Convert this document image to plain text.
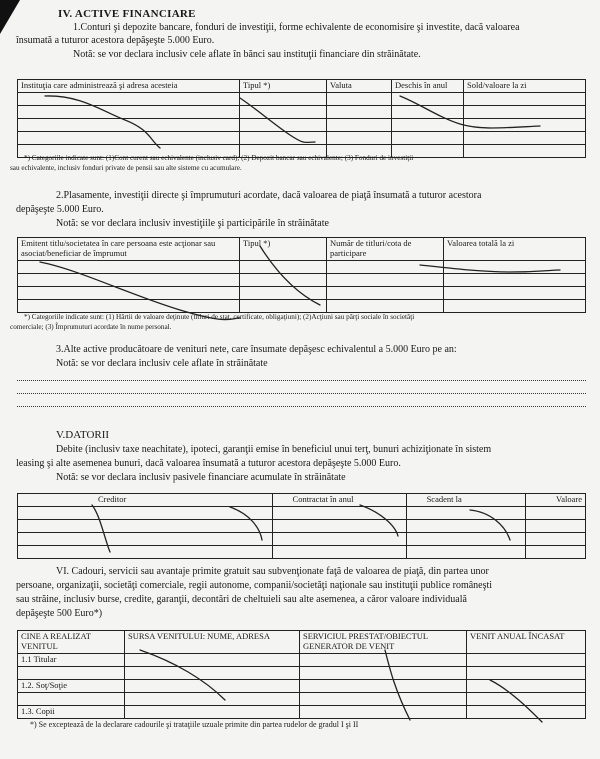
IV. ACTIVE FINANCIARE
1.Conturi şi depozite bancare, fonduri de investiţii, forme echivalente de economisire şi investite, dacă valoarea
însumată a tuturor acestora depăşeşte 5.000 Euro.
Notă: se vor declara inclusiv cele aflate în bănci sau instituţii financiare din străinătate.
Instituţia care administrează şi adresa acesteia	Tipul *)	Valuta	Deschis în anul	Sold/valoare la zi

*) Categoriile indicate sunt: (1)Cont curent sau echivalente (inclusiv card); (2) Depozit bancar sau echivalente; (3) Fonduri de investiţii
sau echivalente, inclusiv fonduri private de pensii sau alte sisteme cu acumulare.
2.Plasamente, investiţii directe şi împrumuturi acordate, dacă valoarea de piaţă însumată a tuturor acestora
depăşeşte 5.000 Euro.
Notă: se vor declara inclusiv investiţiile şi participările în străinătate
Emitent titlu/societatea în care persoana este acţionar sau asociat/beneficiar de împrumut	Tipul *)	Număr de titluri/cota de participare	Valoarea totală la zi

*) Categoriile indicate sunt: (1) Hârtii de valoare deţinute (titluri de stat, certificate, obligaţiuni); (2)Acţiuni sau părţi sociale în societăţi
comerciale; (3) Împrumuturi acordate în nume personal.
3.Alte active producătoare de venituri nete, care însumate depăşesc echivalentul a 5.000 Euro pe an:
Notă: se vor declara inclusiv cele aflate în străinătate
V.DATORII
Debite (inclusiv taxe neachitate), ipoteci, garanţii emise în beneficiul unui terţ, bunuri achiziţionate în sistem
leasing şi alte asemenea bunuri, dacă valoarea însumată a tuturor acestora depăşeşte 5.000 Euro.
Notă: se vor declara inclusiv pasivele financiare acumulate în străinătate
Creditor	Contractat în anul	Scadent la	Valoare

VI. Cadouri, servicii sau avantaje primite gratuit sau subvenţionate faţă de valoarea de piaţă, din partea unor
persoane, organizaţii, societăţi comerciale, regii autonome, companii/societăţi naţionale sau instituţii publice româneşti
sau străine, inclusiv burse, credite, garanţii, decontări de cheltuieli sau alte asemenea, a căror valoare individuală
depăşeşte 500 Euro*)
CINE A REALIZAT VENITUL	SURSA VENITULUI: NUME, ADRESA	SERVICIUL PRESTAT/OBIECTUL GENERATOR DE VENIT	VENIT ANUAL ÎNCASAT
1.1 Titular			

1.2. Soţ/Soţie			

1.3. Copii			
*) Se exceptează de la declarare cadourile şi trataţiile uzuale primite din partea rudelor de gradul I şi II
